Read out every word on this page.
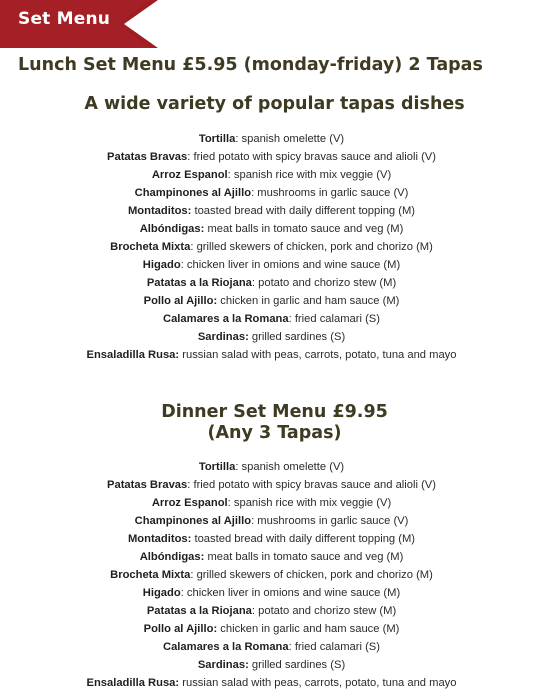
Set Menu
Lunch Set Menu £5.95 (monday-friday) 2 Tapas
A wide variety of popular tapas dishes
Tortilla: spanish omelette (V)
Patatas Bravas: fried potato with spicy bravas sauce and alioli (V)
Arroz Espanol: spanish rice with mix veggie (V)
Champinones al Ajillo: mushrooms in garlic sauce (V)
Montaditos: toasted bread with daily different topping (M)
Albóndigas: meat balls in tomato sauce and veg (M)
Brocheta Mixta: grilled skewers of chicken, pork and chorizo (M)
Higado: chicken liver in omions and wine sauce (M)
Patatas a la Riojana: potato and chorizo stew (M)
Pollo al Ajillo: chicken in garlic and ham sauce (M)
Calamares a la Romana: fried calamari (S)
Sardinas: grilled sardines (S)
Ensaladilla Rusa: russian salad with peas, carrots, potato, tuna and mayo
Dinner Set Menu £9.95
(Any 3 Tapas)
Tortilla: spanish omelette (V)
Patatas Bravas: fried potato with spicy bravas sauce and alioli (V)
Arroz Espanol: spanish rice with mix veggie (V)
Champinones al Ajillo: mushrooms in garlic sauce (V)
Montaditos: toasted bread with daily different topping (M)
Albóndigas: meat balls in tomato sauce and veg (M)
Brocheta Mixta: grilled skewers of chicken, pork and chorizo (M)
Higado: chicken liver in omions and wine sauce (M)
Patatas a la Riojana: potato and chorizo stew (M)
Pollo al Ajillo: chicken in garlic and ham sauce (M)
Calamares a la Romana: fried calamari (S)
Sardinas: grilled sardines (S)
Ensaladilla Rusa: russian salad with peas, carrots, potato, tuna and mayo
